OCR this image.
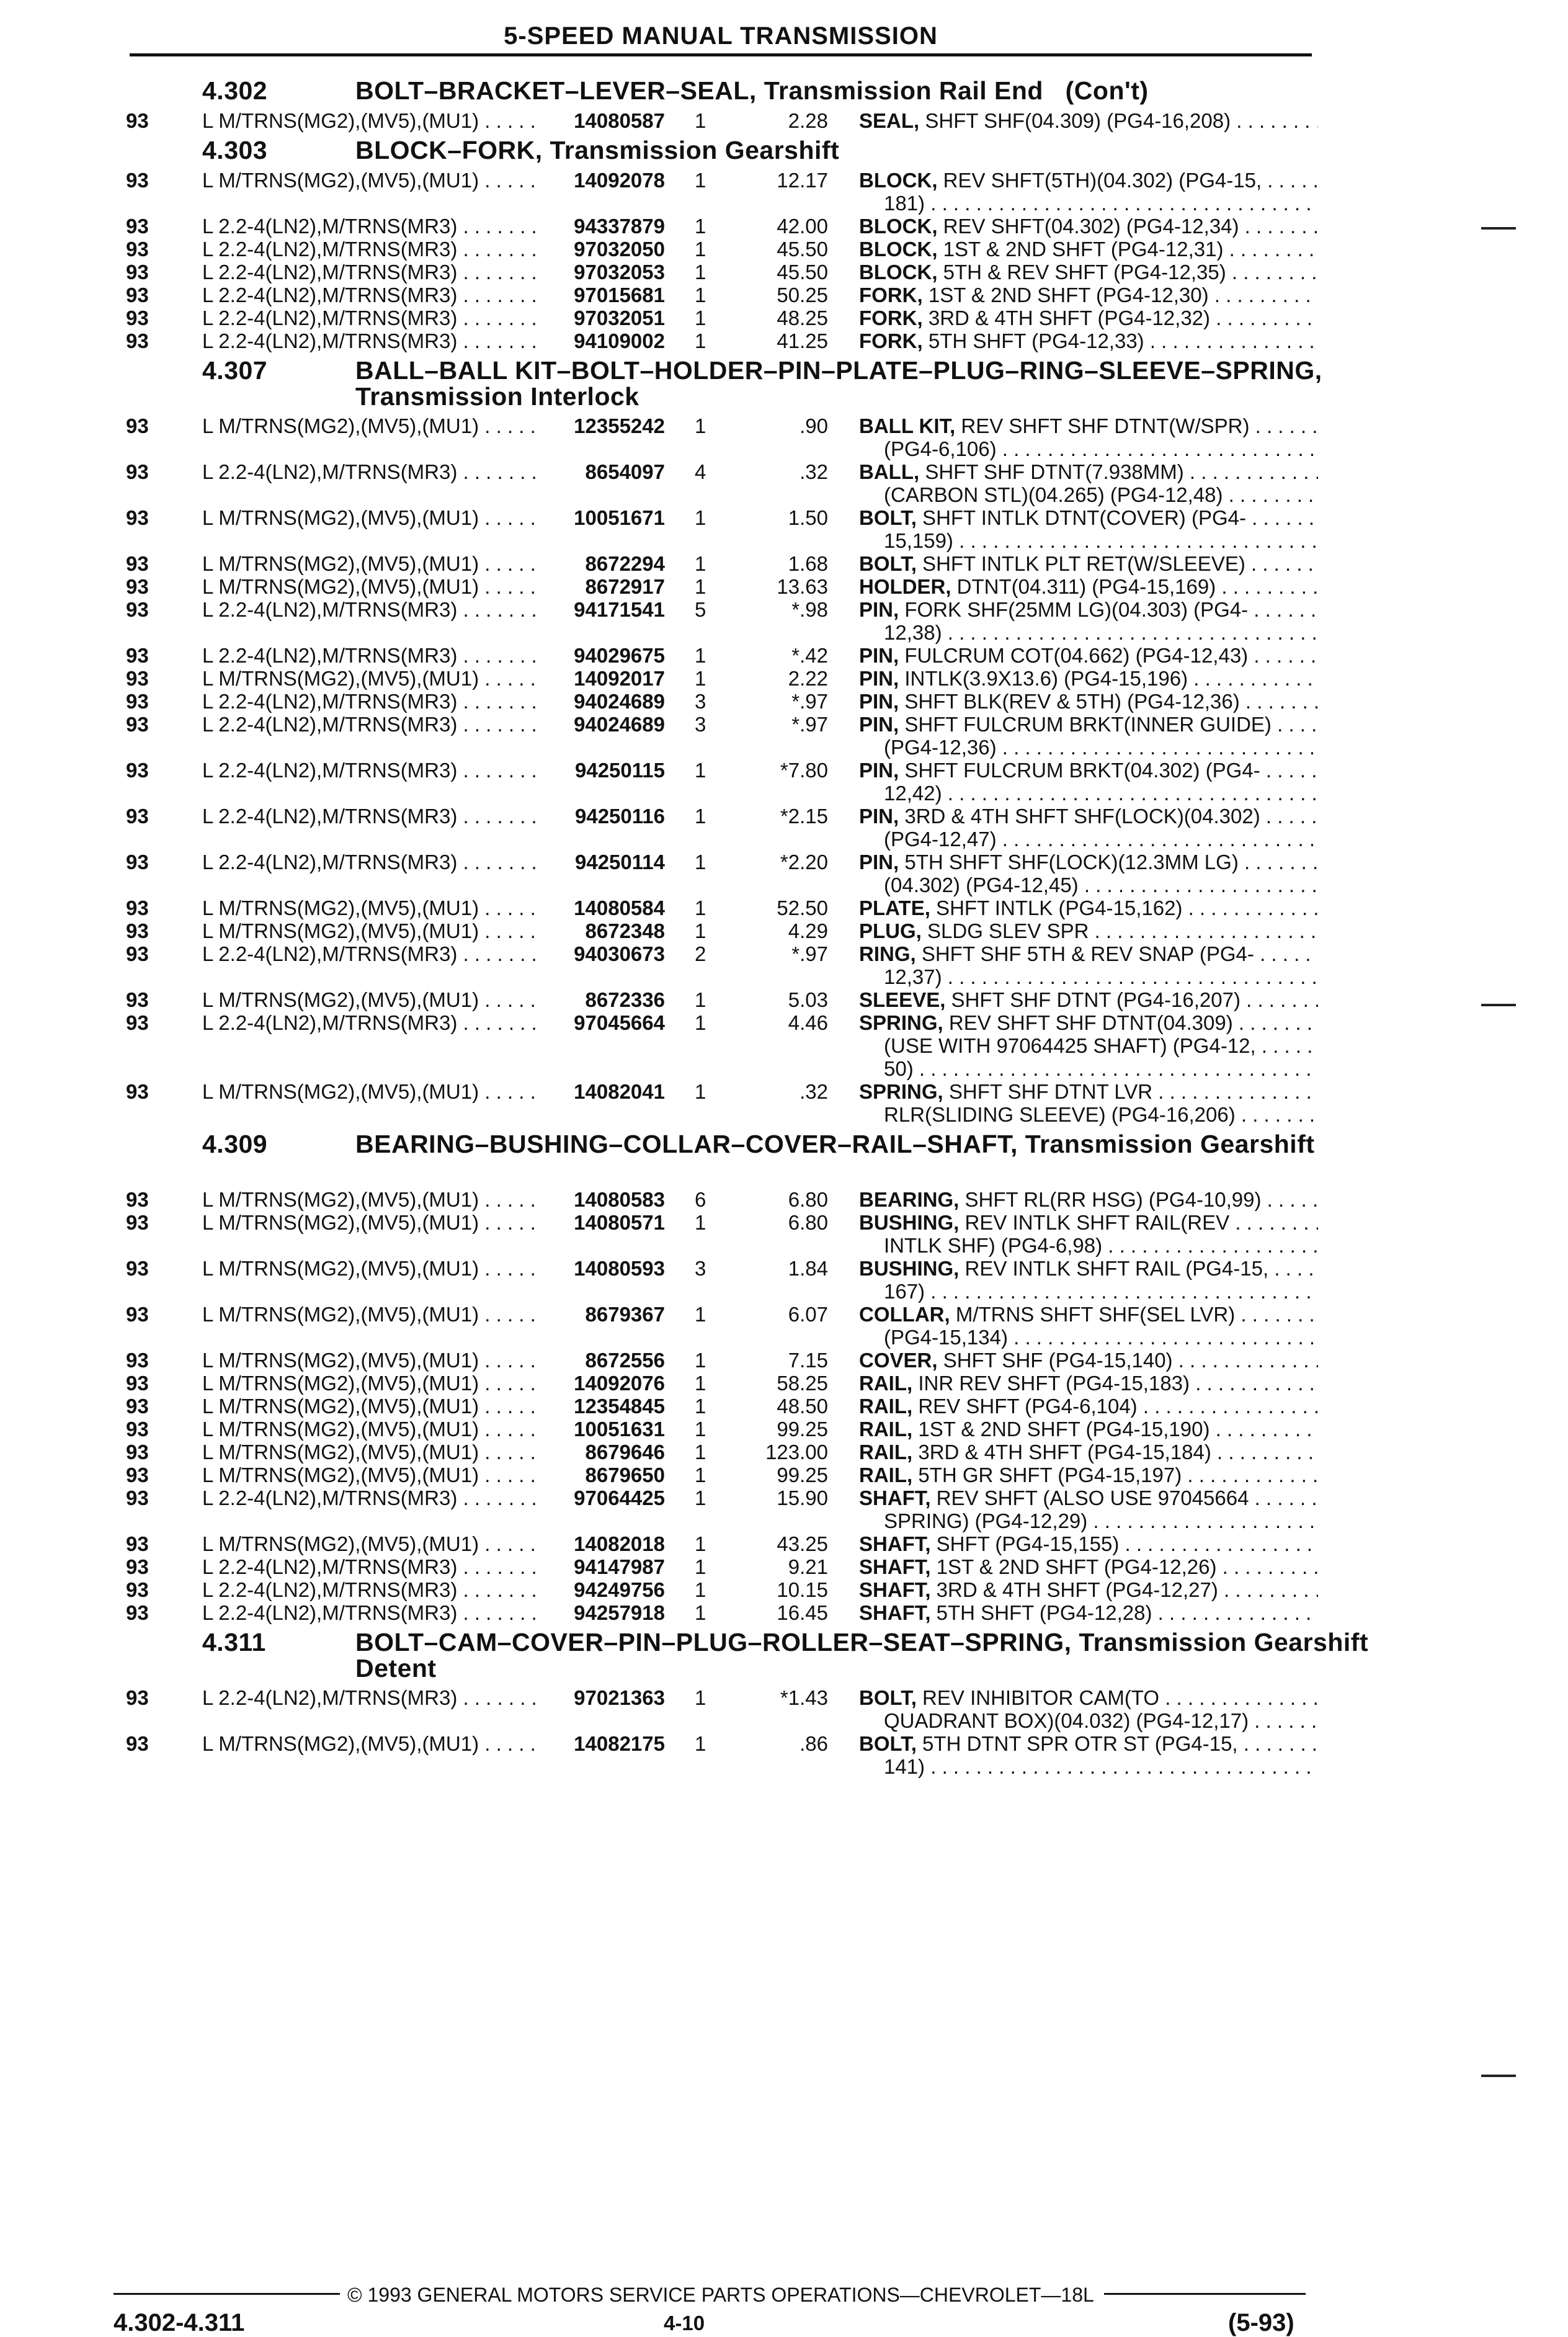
5-SPEED MANUAL TRANSMISSION
4.302	BOLT–BRACKET–LEVER–SEAL, Transmission Rail End (Con't)
93	L M/TRNS(MG2),(MV5),(MU1) . . .	14080587 1	2.28 SEAL, SHFT SHF(04.309) (PG4-16,208) . . .
4.303	BLOCK–FORK, Transmission Gearshift
93	L M/TRNS(MG2),(MV5),(MU1) . . .	14092078 1	12.17 BLOCK, REV SHFT(5TH)(04.302) (PG4-15, . . .
181) . . .
93	L 2.2-4(LN2),M/TRNS(MR3) . . .	94337879 1	42.00 BLOCK, REV SHFT(04.302) (PG4-12,34) . . .
93	L 2.2-4(LN2),M/TRNS(MR3) . . .	97032050 1	45.50 BLOCK, 1ST & 2ND SHFT (PG4-12,31) . . .
93	L 2.2-4(LN2),M/TRNS(MR3) . . .	97032053 1	45.50 BLOCK, 5TH & REV SHFT (PG4-12,35) . . .
93	L 2.2-4(LN2),M/TRNS(MR3) . . .	97015681 1	50.25 FORK, 1ST & 2ND SHFT (PG4-12,30) . . .
93	L 2.2-4(LN2),M/TRNS(MR3) . . .	97032051 1	48.25 FORK, 3RD & 4TH SHFT (PG4-12,32) . . .
93	L 2.2-4(LN2),M/TRNS(MR3) . . .	94109002 1	41.25 FORK, 5TH SHFT (PG4-12,33) . . .
4.307	BALL–BALL KIT–BOLT–HOLDER–PIN–PLATE–PLUG–RING–SLEEVE–SPRING, Transmission Interlock
93	L M/TRNS(MG2),(MV5),(MU1) . . .	12355242 1	.90 BALL KIT, REV SHFT SHF DTNT(W/SPR) . . .
(PG4-6,106) . . .
93	L 2.2-4(LN2),M/TRNS(MR3) . . .	8654097 4	.32 BALL, SHFT SHF DTNT(7.938MM) . . .
(CARBON STL)(04.265) (PG4-12,48) . . .
93	L M/TRNS(MG2),(MV5),(MU1) . . .	10051671 1	1.50 BOLT, SHFT INTLK DTNT(COVER) (PG4- . . .
15,159) . . .
93	L M/TRNS(MG2),(MV5),(MU1) . . .	8672294 1	1.68 BOLT, SHFT INTLK PLT RET(W/SLEEVE) . . .
93	L M/TRNS(MG2),(MV5),(MU1) . . .	8672917 1	13.63 HOLDER, DTNT(04.311) (PG4-15,169) . . .
93	L 2.2-4(LN2),M/TRNS(MR3) . . .	94171541 5	*.98 PIN, FORK SHF(25MM LG)(04.303) (PG4- . . .
12,38) . . .
93	L 2.2-4(LN2),M/TRNS(MR3) . . .	94029675 1	*.42 PIN, FULCRUM COT(04.662) (PG4-12,43) . . .
93	L M/TRNS(MG2),(MV5),(MU1) . . .	14092017 1	2.22 PIN, INTLK(3.9X13.6) (PG4-15,196) . . .
93	L 2.2-4(LN2),M/TRNS(MR3) . . .	94024689 3	*.97 PIN, SHFT BLK(REV & 5TH) (PG4-12,36) . . .
93	L 2.2-4(LN2),M/TRNS(MR3) . . .	94024689 3	*.97 PIN, SHFT FULCRUM BRKT(INNER GUIDE) . . .
(PG4-12,36) . . .
93	L 2.2-4(LN2),M/TRNS(MR3) . . .	94250115 1	*7.80 PIN, SHFT FULCRUM BRKT(04.302) (PG4- . . .
12,42) . . .
93	L 2.2-4(LN2),M/TRNS(MR3) . . .	94250116 1	*2.15 PIN, 3RD & 4TH SHFT SHF(LOCK)(04.302) . . .
(PG4-12,47) . . .
93	L 2.2-4(LN2),M/TRNS(MR3) . . .	94250114 1	*2.20 PIN, 5TH SHFT SHF(LOCK)(12.3MM LG) . . .
(04.302) (PG4-12,45) . . .
93	L M/TRNS(MG2),(MV5),(MU1) . . .	14080584 1	52.50 PLATE, SHFT INTLK (PG4-15,162) . . .
93	L M/TRNS(MG2),(MV5),(MU1) . . .	8672348 1	4.29 PLUG, SLDG SLEV SPR . . .
93	L 2.2-4(LN2),M/TRNS(MR3) . . .	94030673 2	*.97 RING, SHFT SHF 5TH & REV SNAP (PG4- . . .
12,37) . . .
93	L M/TRNS(MG2),(MV5),(MU1) . . .	8672336 1	5.03 SLEEVE, SHFT SHF DTNT (PG4-16,207) . . .
93	L 2.2-4(LN2),M/TRNS(MR3) . . .	97045664 1	4.46 SPRING, REV SHFT SHF DTNT(04.309) . . .
(USE WITH 97064425 SHAFT) (PG4-12, . . .
50) . . .
93	L M/TRNS(MG2),(MV5),(MU1) . . .	14082041 1	.32 SPRING, SHFT SHF DTNT LVR . . .
RLR(SLIDING SLEEVE) (PG4-16,206) . . .
4.309	BEARING–BUSHING–COLLAR–COVER–RAIL–SHAFT, Transmission Gearshift
93	L M/TRNS(MG2),(MV5),(MU1) . . .	14080583 6	6.80 BEARING, SHFT RL(RR HSG) (PG4-10,99) . . .
93	L M/TRNS(MG2),(MV5),(MU1) . . .	14080571 1	6.80 BUSHING, REV INTLK SHFT RAIL(REV . . .
INTLK SHF) (PG4-6,98) . . .
93	L M/TRNS(MG2),(MV5),(MU1) . . .	14080593 3	1.84 BUSHING, REV INTLK SHFT RAIL (PG4-15, . . .
167) . . .
93	L M/TRNS(MG2),(MV5),(MU1) . . .	8679367 1	6.07 COLLAR, M/TRNS SHFT SHF(SEL LVR) . . .
(PG4-15,134) . . .
93	L M/TRNS(MG2),(MV5),(MU1) . . .	8672556 1	7.15 COVER, SHFT SHF (PG4-15,140) . . .
93	L M/TRNS(MG2),(MV5),(MU1) . . .	14092076 1	58.25 RAIL, INR REV SHFT (PG4-15,183) . . .
93	L M/TRNS(MG2),(MV5),(MU1) . . .	12354845 1	48.50 RAIL, REV SHFT (PG4-6,104) . . .
93	L M/TRNS(MG2),(MV5),(MU1) . . .	10051631 1	99.25 RAIL, 1ST & 2ND SHFT (PG4-15,190) . . .
93	L M/TRNS(MG2),(MV5),(MU1) . . .	8679646 1	123.00 RAIL, 3RD & 4TH SHFT (PG4-15,184) . . .
93	L M/TRNS(MG2),(MV5),(MU1) . . .	8679650 1	99.25 RAIL, 5TH GR SHFT (PG4-15,197) . . .
93	L 2.2-4(LN2),M/TRNS(MR3) . . .	97064425 1	15.90 SHAFT, REV SHFT (ALSO USE 97045664 . . .
SPRING) (PG4-12,29) . . .
93	L M/TRNS(MG2),(MV5),(MU1) . . .	14082018 1	43.25 SHAFT, SHFT (PG4-15,155) . . .
93	L 2.2-4(LN2),M/TRNS(MR3) . . .	94147987 1	9.21 SHAFT, 1ST & 2ND SHFT (PG4-12,26) . . .
93	L 2.2-4(LN2),M/TRNS(MR3) . . .	94249756 1	10.15 SHAFT, 3RD & 4TH SHFT (PG4-12,27) . . .
93	L 2.2-4(LN2),M/TRNS(MR3) . . .	94257918 1	16.45 SHAFT, 5TH SHFT (PG4-12,28) . . .
4.311	BOLT–CAM–COVER–PIN–PLUG–ROLLER–SEAT–SPRING, Transmission Gearshift Detent
93	L 2.2-4(LN2),M/TRNS(MR3) . . .	97021363 1	*1.43 BOLT, REV INHIBITOR CAM(TO . . .
QUADRANT BOX)(04.032) (PG4-12,17) . . .
93	L M/TRNS(MG2),(MV5),(MU1) . . .	14082175 1	.86 BOLT, 5TH DTNT SPR OTR ST (PG4-15, . . .
141) . . .
© 1993 GENERAL MOTORS SERVICE PARTS OPERATIONS—CHEVROLET—18L
4.302-4.311	4-10	(5-93)
